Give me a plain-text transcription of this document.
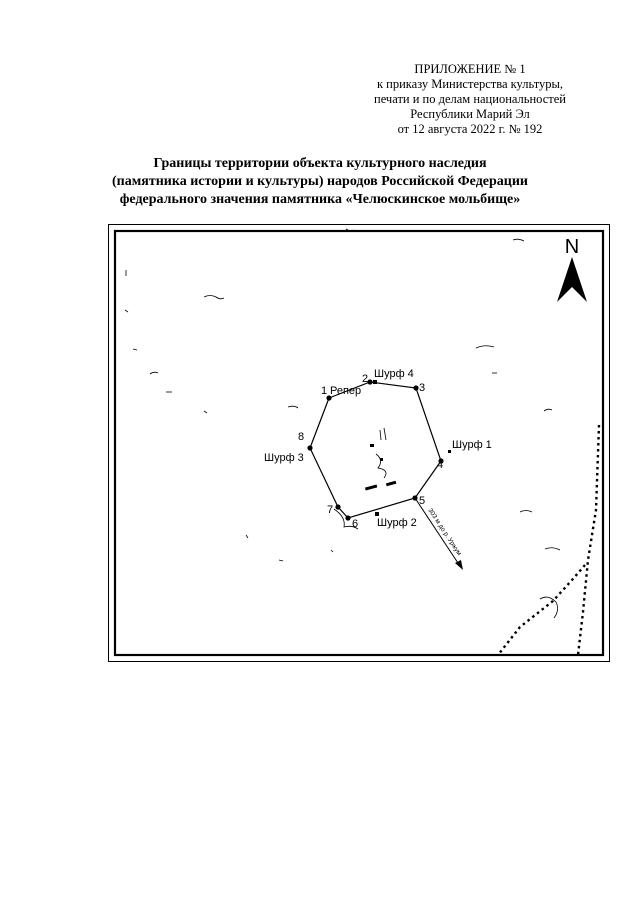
ПРИЛОЖЕНИЕ № 1
к приказу Министерства культуры,
печати и по делам национальностей
Республики Марий Эл
от 12 августа 2022 г. № 192
Границы территории объекта культурного наследия
(памятника истории и культуры) народов Российской Федерации
федерального значения памятника «Челюскинское мольбище»
N
1
2
3
4
5
6
7
8
Репер
Шурф 4
Шурф 1
Шурф 3
Шурф 2 303 м до р. Уржум
